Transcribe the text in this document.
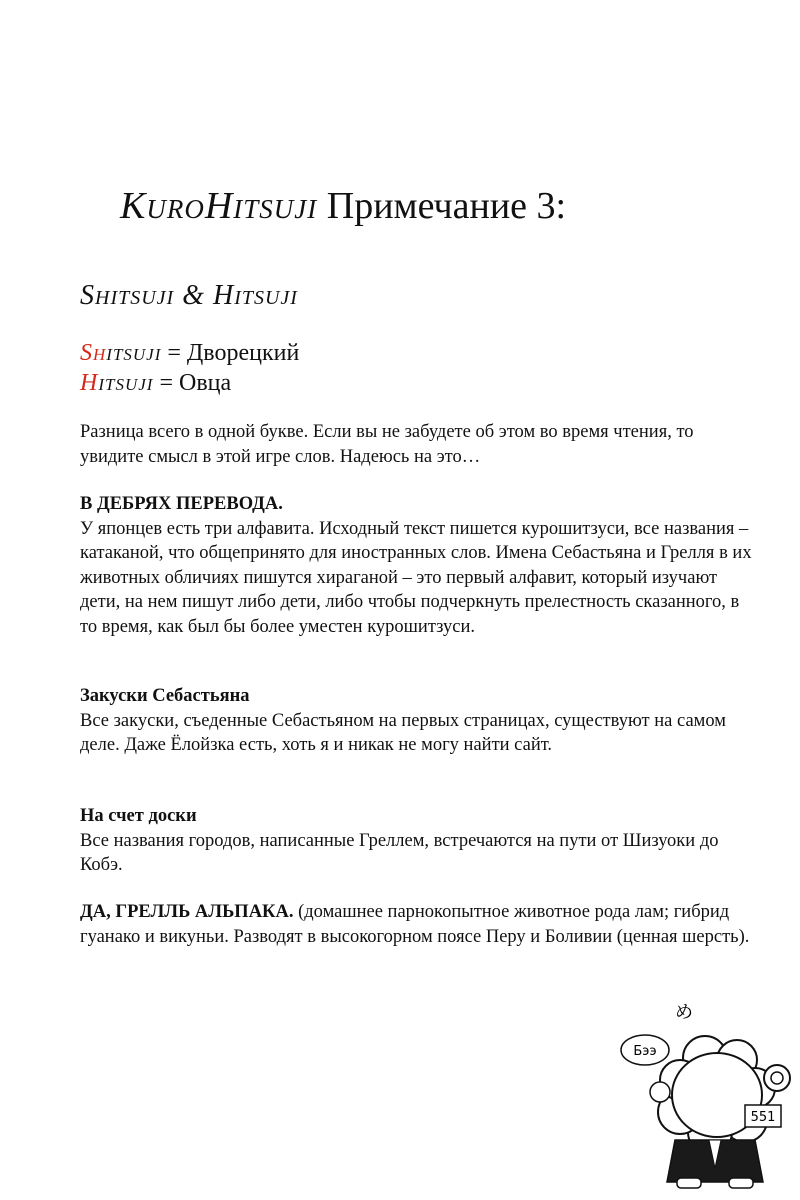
KuroHitsuji Примечание 3:
Shitsuji & Hitsuji
Shitsuji = Дворецкий
Hitsuji = Овца

Разница всего в одной букве. Если вы не забудете об этом во время чтения, то увидите смысл в этой игре слов. Надеюсь на это…

В ДЕБРЯХ ПЕРЕВОДА.

У японцев есть три алфавита. Исходный текст пишется курошитзуси, все названия – катаканой, что общепринято для иностранных слов. Имена Себастьяна и Грелля в их животных обличиях пишутся хираганой – это первый алфавит, который изучают дети, на нем пишут либо дети, либо чтобы подчеркнуть прелестность сказанного, в то время, как был бы более уместен курошитзуси.

Закуски Себастьяна

Все закуски, съеденные Себастьяном на первых страницах, существуют на самом деле. Даже Ёлойзка есть, хоть я и никак не могу найти сайт.

На счет доски

Все названия городов, написанные Греллем, встречаются на пути от Шизуоки до Кобэ.

ДА, ГРЕЛЛЬ АЛЬПАКА. (домашнее парнокопытное животное рода лам; гибрид гуанако и викуньи. Разводят в высокогорном поясе Перу и Боливии (ценная шерсть).

め
Бээ
551
